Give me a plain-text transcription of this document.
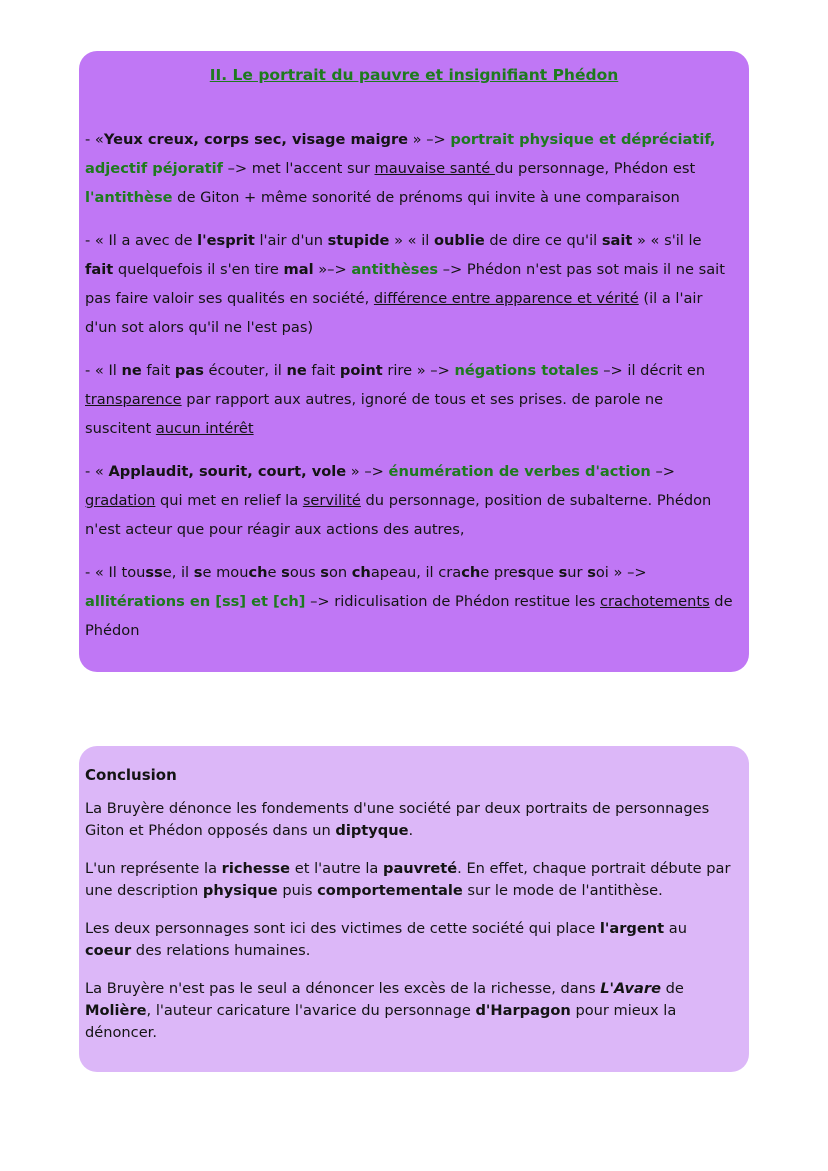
II. Le portrait du pauvre et insignifiant Phédon

- «Yeux creux, corps sec, visage maigre » –> portrait physique et dépréciatif, adjectif péjoratif –> met l'accent sur mauvaise santé du personnage, Phédon est l'antithèse de Giton + même sonorité de prénoms qui invite à une comparaison

- « Il a avec de l'esprit l'air d'un stupide » « il oublie de dire ce qu'il sait » « s'il le fait quelquefois il s'en tire mal »–> antithèses –> Phédon n'est pas sot mais il ne sait pas faire valoir ses qualités en société, différence entre apparence et vérité (il a l'air d'un sot alors qu'il ne l'est pas)

- « Il ne fait pas écouter, il ne fait point rire » –> négations totales –> il décrit en transparence par rapport aux autres, ignoré de tous et ses prises. de parole ne suscitent aucun intérêt

- « Applaudit, sourit, court, vole » –> énumération de verbes d'action –> gradation qui met en relief la servilité du personnage, position de subalterne. Phédon n'est acteur que pour réagir aux actions des autres,

- « Il tousse, il se mouche sous son chapeau, il crache presque sur soi » –> allitérations en [ss] et [ch] –> ridiculisation de Phédon restitue les crachotements de Phédon

Conclusion

La Bruyère dénonce les fondements d'une société par deux portraits de personnages Giton et Phédon opposés dans un diptyque.

L'un représente la richesse et l'autre la pauvreté. En effet, chaque portrait débute par une description physique puis comportementale sur le mode de l'antithèse.

Les deux personnages sont ici des victimes de cette société qui place l'argent au coeur des relations humaines.

La Bruyère n'est pas le seul a dénoncer les excès de la richesse, dans L'Avare de Molière, l'auteur caricature l'avarice du personnage d'Harpagon pour mieux la dénoncer.
